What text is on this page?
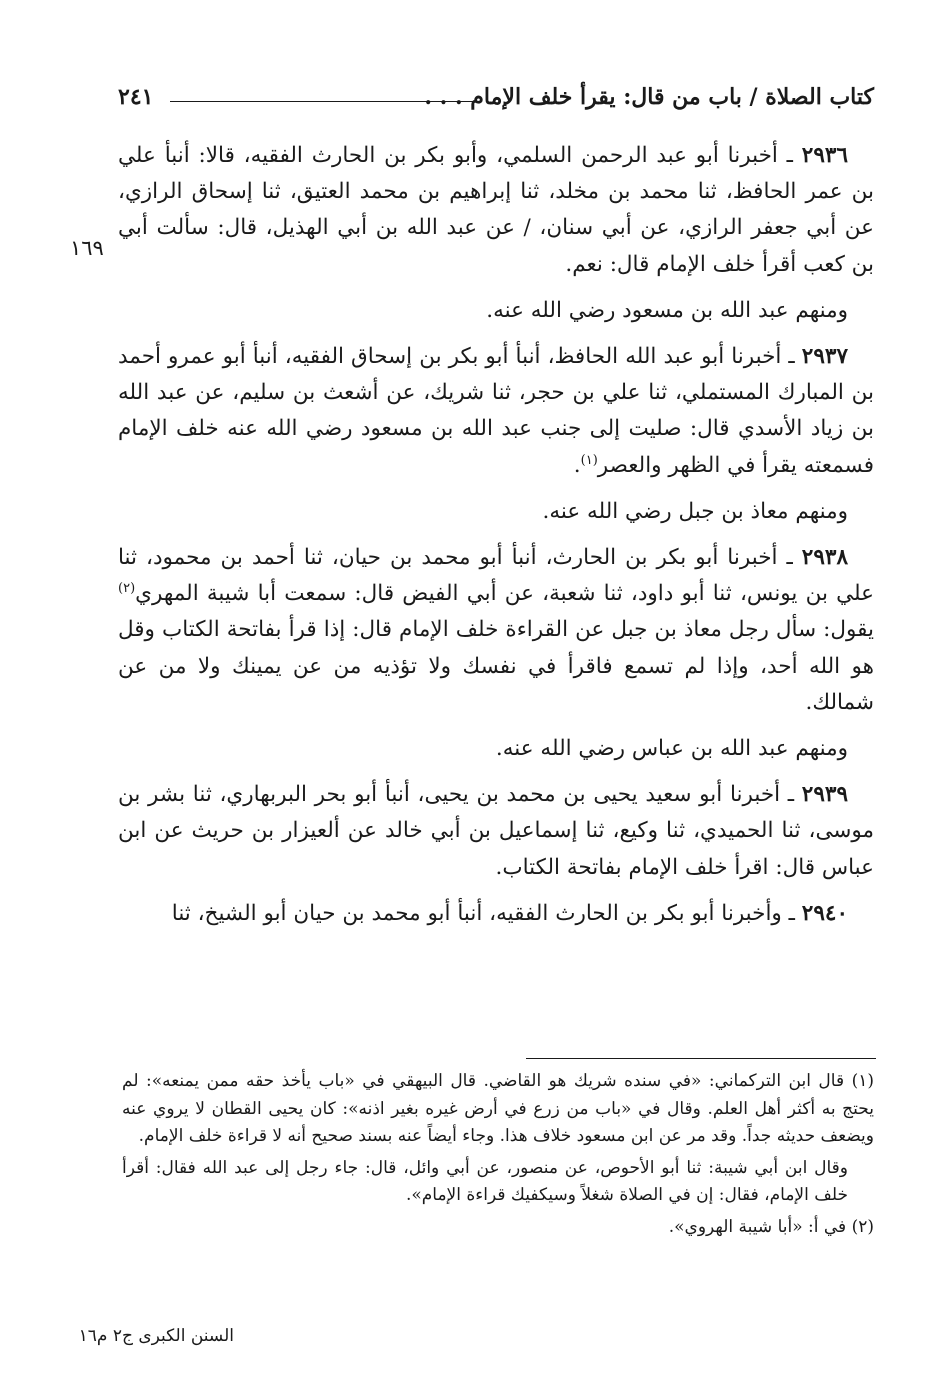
كتاب الصلاة / باب من قال: يقرأ خلف الإمام . . .
٢٤١
١٦٩

٢٩٣٦ ـ أخبرنا أبو عبد الرحمن السلمي، وأبو بكر بن الحارث الفقيه، قالا: أنبأ علي بن عمر الحافظ، ثنا محمد بن مخلد، ثنا إبراهيم بن محمد العتيق، ثنا إسحاق الرازي، عن أبي جعفر الرازي، عن أبي سنان، / عن عبد الله بن أبي الهذيل، قال: سألت أبي بن كعب أقرأ خلف الإمام قال: نعم.

ومنهم عبد الله بن مسعود رضي الله عنه.

٢٩٣٧ ـ أخبرنا أبو عبد الله الحافظ، أنبأ أبو بكر بن إسحاق الفقيه، أنبأ أبو عمرو أحمد بن المبارك المستملي، ثنا علي بن حجر، ثنا شريك، عن أشعث بن سليم، عن عبد الله بن زياد الأسدي قال: صليت إلى جنب عبد الله بن مسعود رضي الله عنه خلف الإمام فسمعته يقرأ في الظهر والعصر$^{(١)}$.

ومنهم معاذ بن جبل رضي الله عنه.

٢٩٣٨ ـ أخبرنا أبو بكر بن الحارث، أنبأ أبو محمد بن حيان، ثنا أحمد بن محمود، ثنا علي بن يونس، ثنا أبو داود، ثنا شعبة، عن أبي الفيض قال: سمعت أبا شيبة المهري$^{(٢)}$ يقول: سأل رجل معاذ بن جبل عن القراءة خلف الإمام قال: إذا قرأ بفاتحة الكتاب وقل هو الله أحد، وإذا لم تسمع فاقرأ في نفسك ولا تؤذيه من عن يمينك ولا من عن شمالك.

ومنهم عبد الله بن عباس رضي الله عنه.

٢٩٣٩ ـ أخبرنا أبو سعيد يحيى بن محمد بن يحيى، أنبأ أبو بحر البربهاري، ثنا بشر بن موسى، ثنا الحميدي، ثنا وكيع، ثنا إسماعيل بن أبي خالد عن ألعيزار بن حريث عن ابن عباس قال: اقرأ خلف الإمام بفاتحة الكتاب.

٢٩٤٠ ـ وأخبرنا أبو بكر بن الحارث الفقيه، أنبأ أبو محمد بن حيان أبو الشيخ، ثنا

(١) قال ابن التركماني: «في سنده شريك هو القاضي. قال البيهقي في «باب يأخذ حقه ممن يمنعه»: لم يحتج به أكثر أهل العلم. وقال في «باب من زرع في أرض غيره بغير اذنه»: كان يحيى القطان لا يروي عنه ويضعف حديثه جداً. وقد مر عن ابن مسعود خلاف هذا. وجاء أيضاً عنه بسند صحيح أنه لا قراءة خلف الإمام.

وقال ابن أبي شيبة: ثنا أبو الأحوص، عن منصور، عن أبي وائل، قال: جاء رجل إلى عبد الله فقال: أقرأ خلف الإمام، فقال: إن في الصلاة شغلاً وسيكفيك قراءة الإمام».

(٢) في أ: «أبا شيبة الهروي».

السنن الكبرى ج٢ م١٦
